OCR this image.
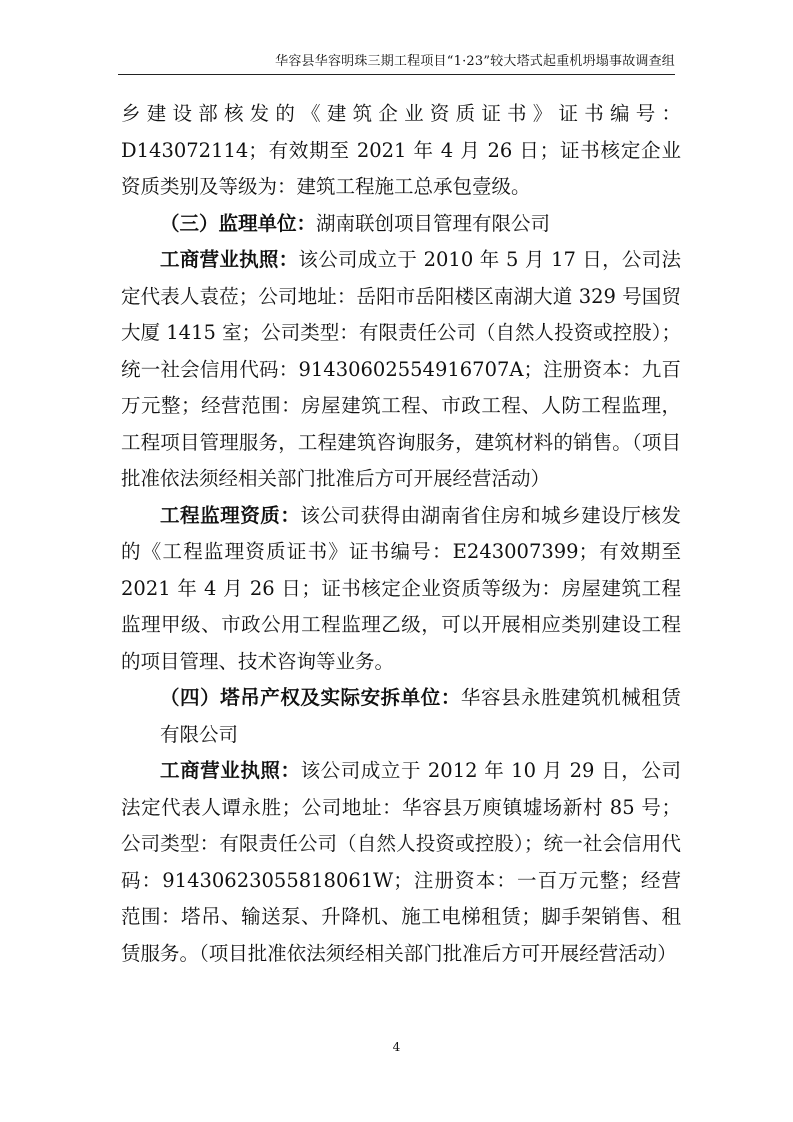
华容县华容明珠三期工程项目“1·23”较大塔式起重机坍塌事故调查组

乡建设部核发的《建筑企业资质证书》证书编号：D143072114；有效期至 2021 年 4 月 26 日；证书核定企业资质类别及等级为：建筑工程施工总承包壹级。

（三）监理单位：湖南联创项目管理有限公司

工商营业执照：该公司成立于 2010 年 5 月 17 日，公司法定代表人袁莅；公司地址：岳阳市岳阳楼区南湖大道 329 号国贸大厦 1415 室；公司类型：有限责任公司（自然人投资或控股）；统一社会信用代码：91430602554916707A；注册资本：九百万元整；经营范围：房屋建筑工程、市政工程、人防工程监理，工程项目管理服务，工程建筑咨询服务，建筑材料的销售。（项目批准依法须经相关部门批准后方可开展经营活动）

工程监理资质：该公司获得由湖南省住房和城乡建设厅核发的《工程监理资质证书》证书编号：E243007399；有效期至 2021 年 4 月 26 日；证书核定企业资质等级为：房屋建筑工程监理甲级、市政公用工程监理乙级，可以开展相应类别建设工程的项目管理、技术咨询等业务。

（四）塔吊产权及实际安拆单位：华容县永胜建筑机械租赁有限公司

工商营业执照：该公司成立于 2012 年 10 月 29 日，公司法定代表人谭永胜；公司地址：华容县万庾镇墟场新村 85 号；公司类型：有限责任公司（自然人投资或控股）；统一社会信用代码：91430623055818061W；注册资本：一百万元整；经营范围：塔吊、输送泵、升降机、施工电梯租赁；脚手架销售、租赁服务。（项目批准依法须经相关部门批准后方可开展经营活动）

4
